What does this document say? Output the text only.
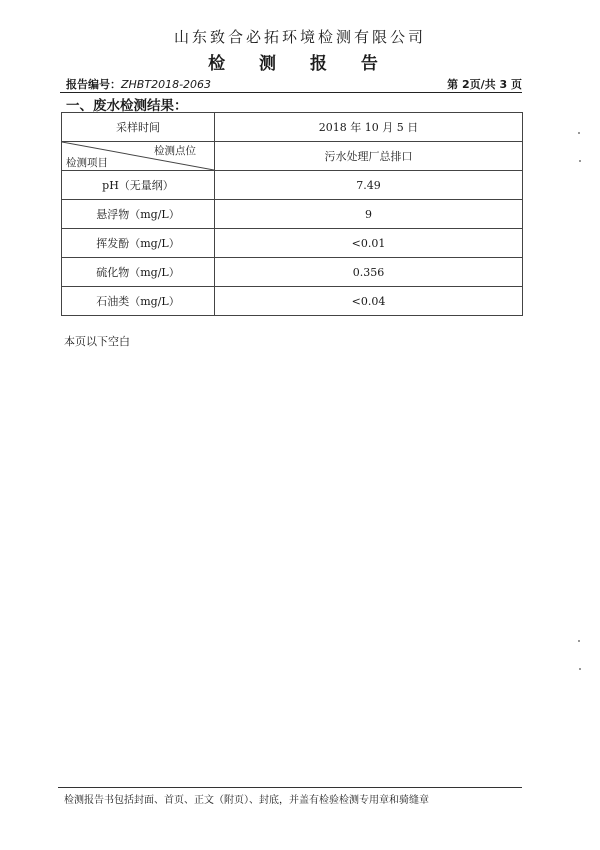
山东致合必拓环境检测有限公司
检 测 报 告
报告编号：ZHBT2018-2063	第 2页/共 3 页
一、废水检测结果：
采样时间	2018 年 10 月 5 日

检测点位
检测项目	污水处理厂总排口
pH（无量纲）	7.49
悬浮物（mg/L）	9
挥发酚（mg/L）	<0.01
硫化物（mg/L）	0.356
石油类（mg/L）	<0.04
本页以下空白
检测报告书包括封面、首页、正文（附页）、封底，并盖有检验检测专用章和骑缝章
